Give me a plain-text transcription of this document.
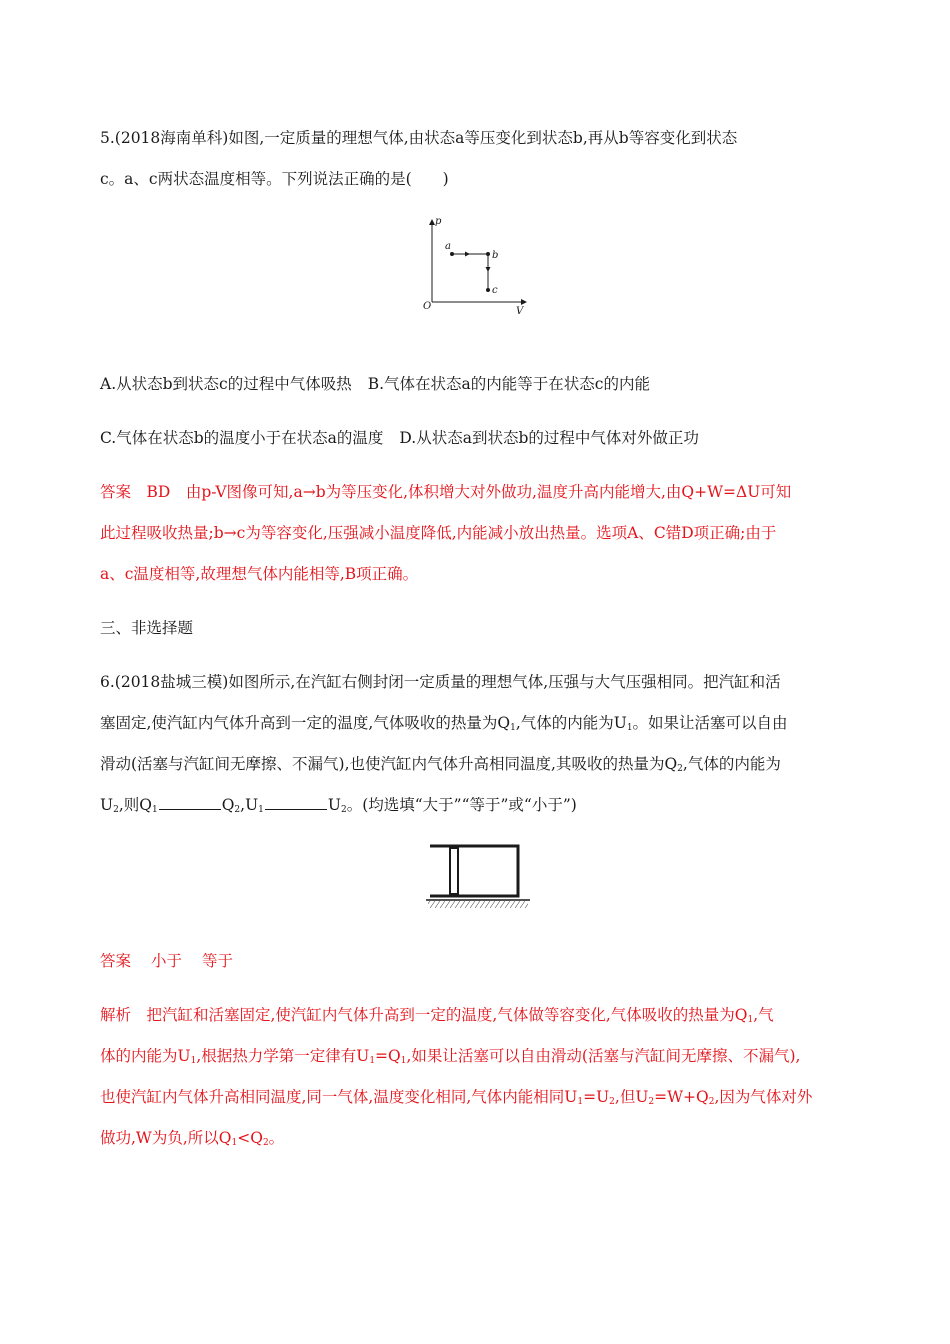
5.(2018海南单科)如图,一定质量的理想气体,由状态a等压变化到状态b,再从b等容变化到状态
c。a、c两状态温度相等。下列说法正确的是(　　)
p
V
O
a
b
c
A.从状态b到状态c的过程中气体吸热 B.气体在状态a的内能等于在状态c的内能
C.气体在状态b的温度小于在状态a的温度 D.从状态a到状态b的过程中气体对外做正功
答案　BD　由p-V图像可知,a→b为等压变化,体积增大对外做功,温度升高内能增大,由Q+W=ΔU可知
此过程吸收热量;b→c为等容变化,压强减小温度降低,内能减小放出热量。选项A、C错D项正确;由于
a、c温度相等,故理想气体内能相等,B项正确。
三、非选择题
6.(2018盐城三模)如图所示,在汽缸右侧封闭一定质量的理想气体,压强与大气压强相同。把汽缸和活
塞固定,使汽缸内气体升高到一定的温度,气体吸收的热量为$Q_1$,气体的内能为$U_1$。如果让活塞可以自由
滑动(活塞与汽缸间无摩擦、不漏气),也使汽缸内气体升高相同温度,其吸收的热量为$Q_2$,气体的内能为
$U_2$,则$Q_1$	$Q_2,U_1$	$U_2$。(均选填“大于”“等于”或“小于”)
答案 小于 等于
解析　把汽缸和活塞固定,使汽缸内气体升高到一定的温度,气体做等容变化,气体吸收的热量为$Q_1$,气
体的内能为$U_1$,根据热力学第一定律有$U_1=Q_1$,如果让活塞可以自由滑动(活塞与汽缸间无摩擦、不漏气),
也使汽缸内气体升高相同温度,同一气体,温度变化相同,气体内能相同$U_1=U_2$,但$U_2=W+Q_2$,因为气体对外
做功,W为负,所以$Q_1<Q_2$。
